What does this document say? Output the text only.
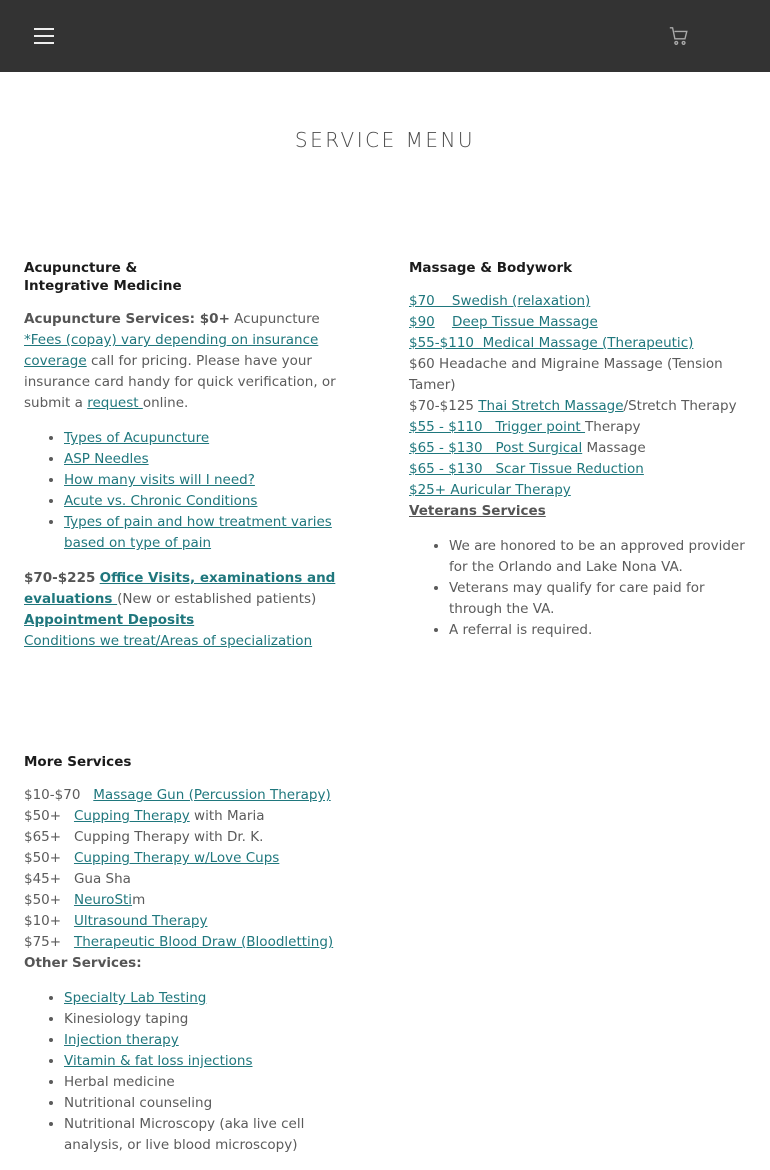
SERVICE MENU
Acupuncture & Integrative Medicine

Acupuncture Services: $0+ Acupuncture *Fees (copay) vary depending on insurance coverage call for pricing. Please have your insurance card handy for quick verification, or submit a request online.

• Types of Acupuncture
• ASP Needles
• How many visits will I need?
• Acute vs. Chronic Conditions
• Types of pain and how treatment varies based on type of pain

$70-$225 Office Visits, examinations and evaluations (New or established patients)

Appointment Deposits

Conditions we treat/Areas of specialization

Massage & Bodywork

$70    Swedish (relaxation)

$90 Deep Tissue Massage

$55-$110  Medical Massage (Therapeutic)

$60 Headache and Migraine Massage (Tension Tamer)

$70-$125 Thai Stretch Massage/Stretch Therapy

$55 - $110   Trigger point Therapy

$65 - $130   Post Surgical Massage

$65 - $130   Scar Tissue Reduction

$25+ Auricular Therapy

Veterans Services

• We are honored to be an approved provider for the Orlando and Lake Nona VA.
• Veterans may qualify for care paid for through the VA.
• A referral is required.
More Services

$10-$70 Massage Gun (Percussion Therapy)

$50+ Cupping Therapy with Maria

$65+ Cupping Therapy with Dr. K.

$50+ Cupping Therapy w/Love Cups

$45+ Gua Sha

$50+ NeuroStim

$10+ Ultrasound Therapy

$75+ Therapeutic Blood Draw (Bloodletting)

Other Services:

• Specialty Lab Testing
• Kinesiology taping
• Injection therapy
• Vitamin & fat loss injections
• Herbal medicine
• Nutritional counseling
• Nutritional Microscopy (aka live cell analysis, or live blood microscopy)
